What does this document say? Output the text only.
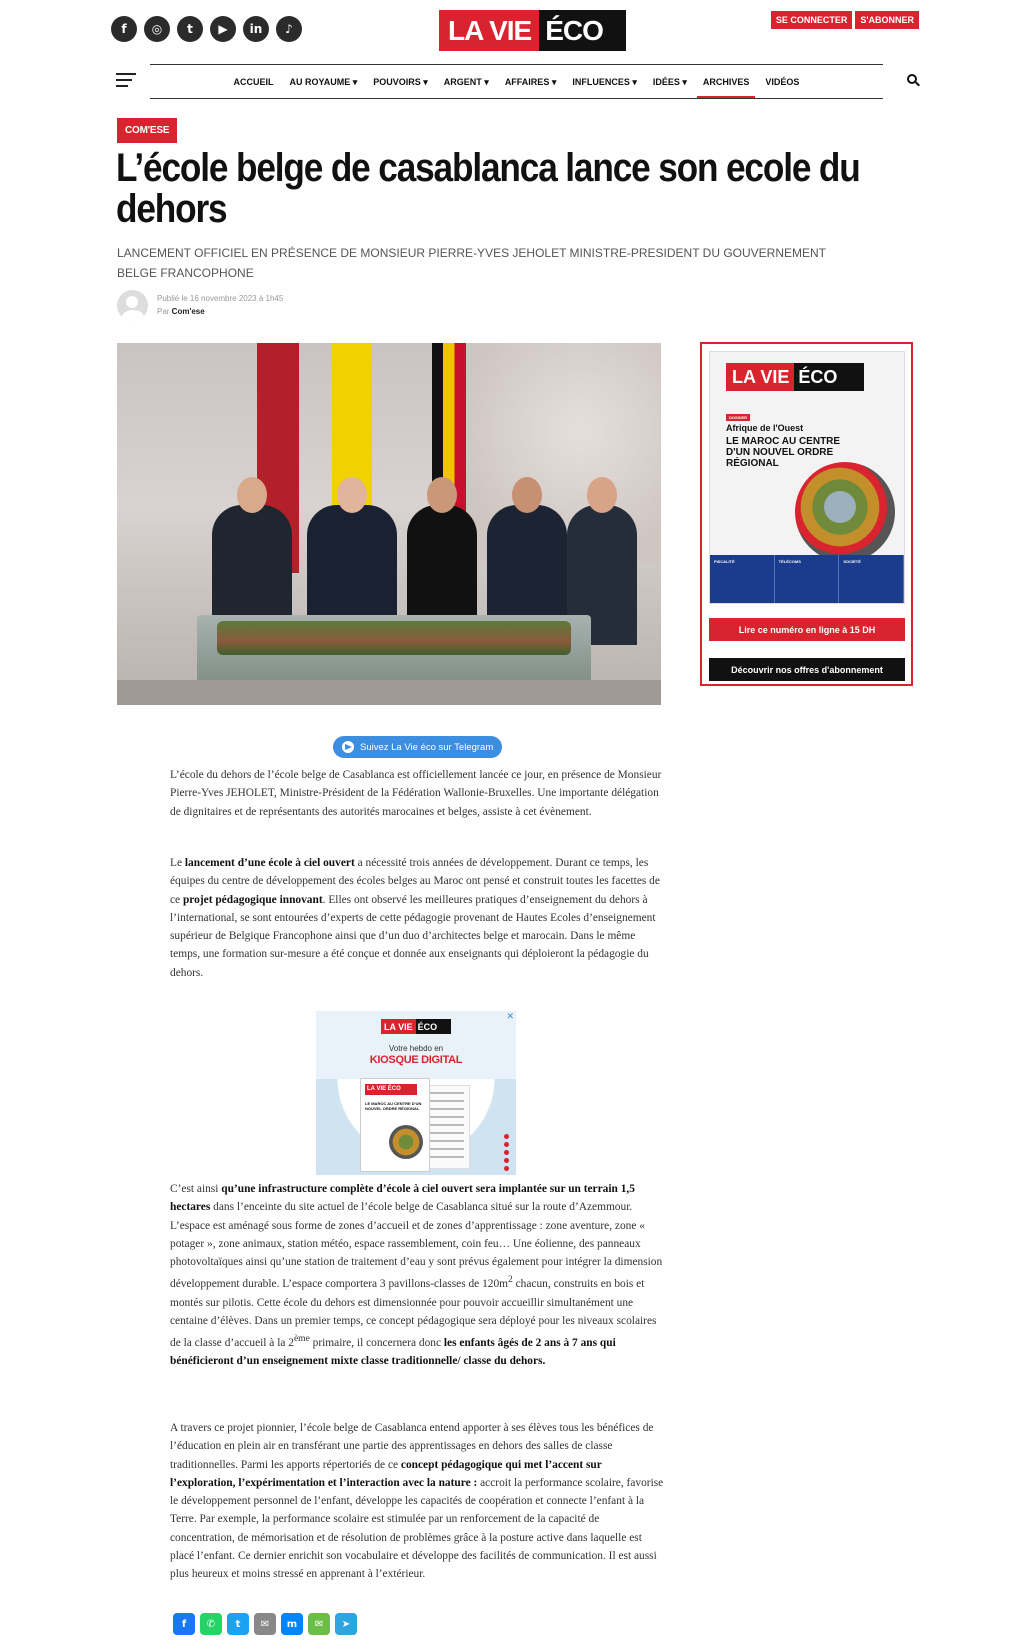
f	◎	t	▶	in	♪	LA VIE ÉCO	SE CONNECTER	S'ABONNER
ACCUEIL AU ROYAUME ▾ POUVOIRS ▾ ARGENT ▾ AFFAIRES ▾ INFLUENCES ▾ IDÉES ▾ ARCHIVES VIDÉOS
COM'ESE
L’école belge de casablanca lance son ecole du dehors
LANCEMENT OFFICIEL EN PRÉSENCE DE MONSIEUR PIERRE-YVES JEHOLET MINISTRE-PRESIDENT DU GOUVERNEMENT BELGE FRANCOPHONE
Publié le 16 novembre 2023 à 1h45
Par Com'ese
LA VIE ÉCO
DOSSIER
Afrique de l'Ouest
LE MAROC AU CENTRE D'UN NOUVEL ORDRE RÉGIONAL
FISCALITÉ	TÉLÉCOMS	SOCIÉTÉ
Lire ce numéro en ligne à 15 DH
Découvrir nos offres d'abonnement
Suivez La Vie éco sur Telegram

L’école du dehors de l’école belge de Casablanca est officiellement lancée ce jour, en présence de Monsieur Pierre-Yves JEHOLET, Ministre-Président de la Fédération Wallonie-Bruxelles. Une importante délégation de dignitaires et de représentants des autorités marocaines et belges, assiste à cet évènement.

Le lancement d’une école à ciel ouvert a nécessité trois années de développement. Durant ce temps, les équipes du centre de développement des écoles belges au Maroc ont pensé et construit toutes les facettes de ce projet pédagogique innovant. Elles ont observé les meilleures pratiques d’enseignement du dehors à l’international, se sont entourées d’experts de cette pédagogie provenant de Hautes Ecoles d’enseignement supérieur de Belgique Francophone ainsi que d’un duo d’architectes belge et marocain. Dans le même temps, une formation sur-mesure a été conçue et donnée aux enseignants qui déploieront la pédagogie du dehors.

✕
LA VIE ÉCO
Votre hebdo en
KIOSQUE DIGITAL
LA VIE ÉCO
LE MAROC AU CENTRE D'UN NOUVEL ORDRE RÉGIONAL

C’est ainsi qu’une infrastructure complète d’école à ciel ouvert sera implantée sur un terrain 1,5 hectares dans l’enceinte du site actuel de l’école belge de Casablanca situé sur la route d’Azemmour. L’espace est aménagé sous forme de zones d’accueil et de zones d’apprentissage : zone aventure, zone « potager », zone animaux, station météo, espace rassemblement, coin feu… Une éolienne, des panneaux photovoltaïques ainsi qu’une station de traitement d’eau y sont prévus également pour intégrer la dimension développement durable. L’espace comportera 3 pavillons-classes de $120m^2$ chacun, construits en bois et montés sur pilotis. Cette école du dehors est dimensionnée pour pouvoir accueillir simultanément une centaine d’élèves. Dans un premier temps, ce concept pédagogique sera déployé pour les niveaux scolaires de la classe d’accueil à la 2ème primaire, il concernera donc les enfants âgés de 2 ans à 7 ans qui bénéficieront d’un enseignement mixte classe traditionnelle/ classe du dehors.

A travers ce projet pionnier, l’école belge de Casablanca entend apporter à ses élèves tous les bénéfices de l’éducation en plein air en transférant une partie des apprentissages en dehors des salles de classe traditionnelles. Parmi les apports répertoriés de ce concept pédagogique qui met l’accent sur l’exploration, l’expérimentation et l’interaction avec la nature : accroit la performance scolaire, favorise le développement personnel de l’enfant, développe les capacités de coopération et connecte l’enfant à la Terre. Par exemple, la performance scolaire est stimulée par un renforcement de la capacité de concentration, de mémorisation et de résolution de problèmes grâce à la posture active dans laquelle est placé l’enfant. Ce dernier enrichit son vocabulaire et développe des facilités de communication. Il est aussi plus heureux et moins stressé en apprenant à l’extérieur.

f	✆	t	✉	m	✉	➤
